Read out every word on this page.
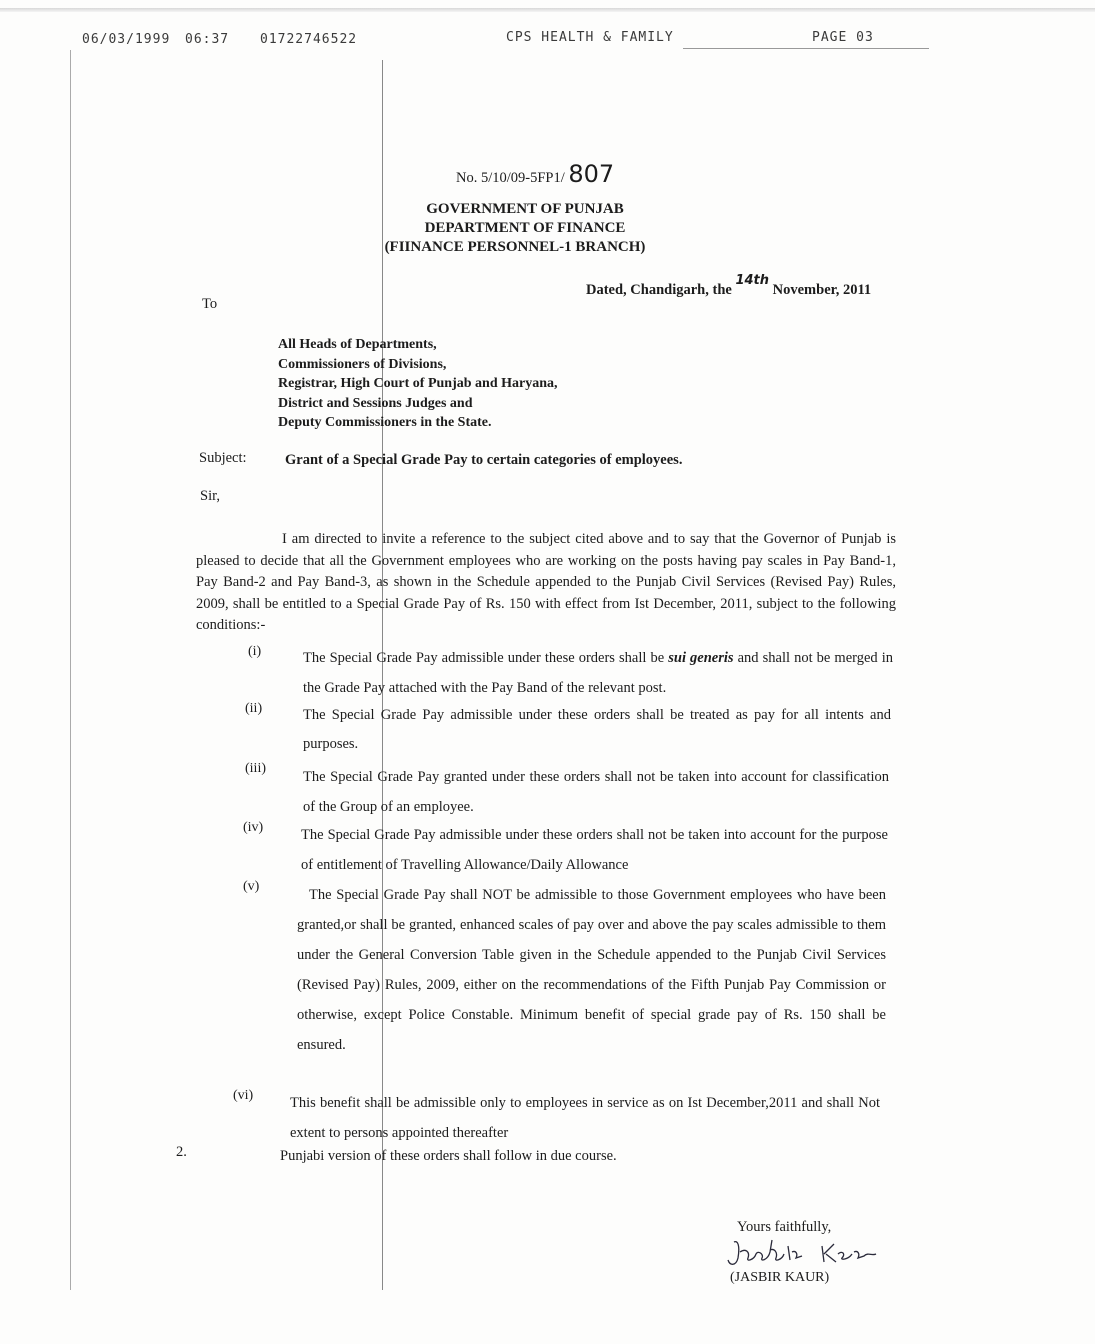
06/03/1999 06:37 01722746522	CPS HEALTH & FAMILY	PAGE 03
No. 5/10/09-5FP1/ 807
GOVERNMENT OF PUNJAB
DEPARTMENT OF FINANCE
(FIINANCE PERSONNEL-1 BRANCH)
Dated, Chandigarh, the 14th November, 2011
To
All Heads of Departments,
Commissioners of Divisions,
Registrar, High Court of Punjab and Haryana,
District and Sessions Judges and
Deputy Commissioners in the State.
Subject:	Grant of a Special Grade Pay to certain categories of employees.
Sir,
I am directed to invite a reference to the subject cited above and to say that the Governor of Punjab is pleased to decide that all the Government employees who are working on the posts having pay scales in Pay Band-1, Pay Band-2 and Pay Band-3, as shown in the Schedule appended to the Punjab Civil Services (Revised Pay) Rules, 2009, shall be entitled to a Special Grade Pay of Rs. 150 with effect from Ist December, 2011, subject to the following conditions:-
(i)	The Special Grade Pay admissible under these orders shall be sui generis and shall not be merged in the Grade Pay attached with the Pay Band of the relevant post.
(ii)	The Special Grade Pay admissible under these orders shall be treated as pay for all intents and purposes.
(iii)
The Special Grade Pay granted under these orders shall not be taken into account for classification of the Group of an employee.
(iv)	The Special Grade Pay admissible under these orders shall not be taken into account for the purpose of entitlement of Travelling Allowance/Daily Allowance
(v)
The Special Grade Pay shall NOT be admissible to those Government employees who have been granted,or shall be granted, enhanced scales of pay over and above the pay scales admissible to them under the General Conversion Table given in the Schedule appended to the Punjab Civil Services (Revised Pay) Rules, 2009, either on the recommendations of the Fifth Punjab Pay Commission or otherwise, except Police Constable. Minimum benefit of special grade pay of Rs. 150 shall be ensured.
(vi)	This benefit shall be admissible only to employees in service as on Ist December,2011 and shall Not extent to persons appointed thereafter
2.	Punjabi version of these orders shall follow in due course.
Yours faithfully,
(JASBIR KAUR)
